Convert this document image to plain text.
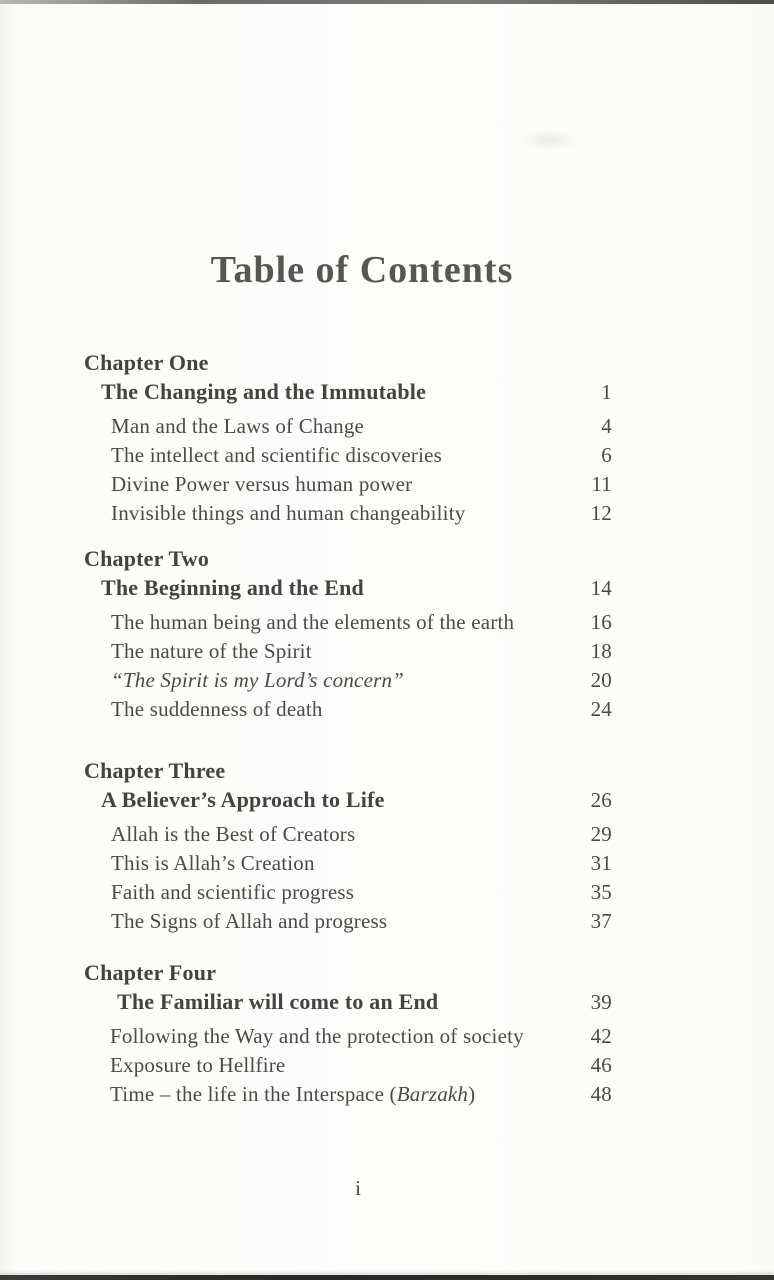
Table of Contents
Chapter One
The Changing and the Immutable	1
Man and the Laws of Change	4
The intellect and scientific discoveries	6
Divine Power versus human power	11
Invisible things and human changeability	12
Chapter Two
The Beginning and the End	14
The human being and the elements of the earth	16
The nature of the Spirit	18
“The Spirit is my Lord’s concern”	20
The suddenness of death	24
Chapter Three
A Believer’s Approach to Life	26
Allah is the Best of Creators	29
This is Allah’s Creation	31
Faith and scientific progress	35
The Signs of Allah and progress	37
Chapter Four
The Familiar will come to an End	39
Following the Way and the protection of society	42
Exposure to Hellfire	46
Time – the life in the Interspace (Barzakh)	48
i
